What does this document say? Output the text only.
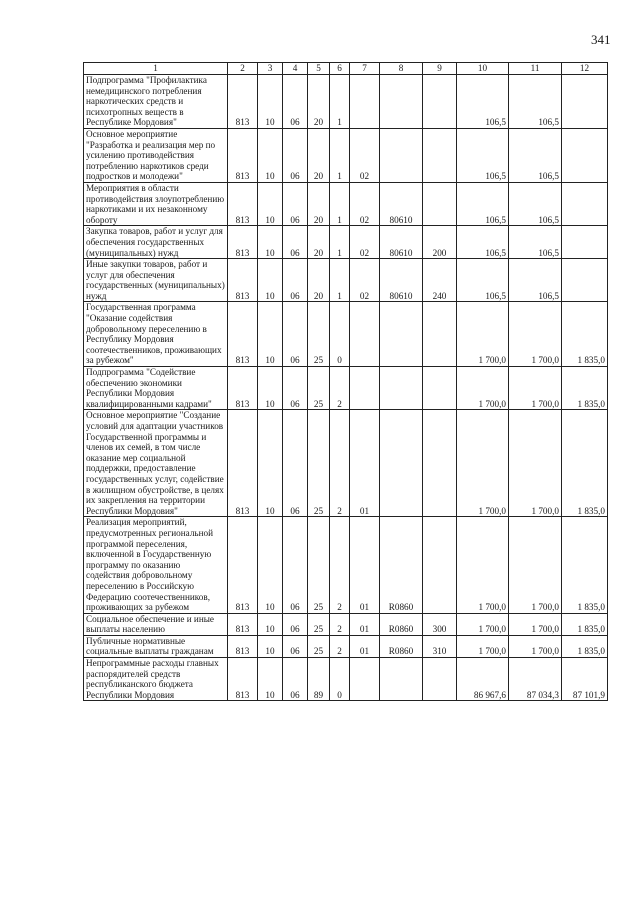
341
1	2	3	4	5	6	7	8	9	10	11	12
Подпрограмма "Профилактика немедицинского потребления наркотических средств и психотропных веществ в Республике Мордовия"	813	10	06	20	1				106,5	106,5	
Основное мероприятие "Разработка и реализация мер по усилению противодействия потреблению наркотиков среди подростков и молодежи"	813	10	06	20	1	02			106,5	106,5	
Мероприятия в области противодействия злоупотреблению наркотиками и их незаконному обороту	813	10	06	20	1	02	80610		106,5	106,5	
Закупка товаров, работ и услуг для обеспечения государственных (муниципальных) нужд	813	10	06	20	1	02	80610	200	106,5	106,5	
Иные закупки товаров, работ и услуг для обеспечения государственных (муниципальных) нужд	813	10	06	20	1	02	80610	240	106,5	106,5	
Государственная программа "Оказание содействия добровольному переселению в Республику Мордовия соотечественников, проживающих за рубежом"	813	10	06	25	0				1 700,0	1 700,0	1 835,0
Подпрограмма "Содействие обеспечению экономики Республики Мордовия квалифицированными кадрами"	813	10	06	25	2				1 700,0	1 700,0	1 835,0
Основное мероприятие "Создание условий для адаптации участников Государственной программы и членов их семей, в том числе оказание мер социальной поддержки, предоставление государственных услуг, содействие в жилищном обустройстве, в целях их закрепления на территории Республики Мордовия"	813	10	06	25	2	01			1 700,0	1 700,0	1 835,0
Реализация мероприятий, предусмотренных региональной программой переселения, включенной в Государственную программу по оказанию содействия добровольному переселению в Российскую Федерацию соотечественников, проживающих за рубежом	813	10	06	25	2	01	R0860		1 700,0	1 700,0	1 835,0
Социальное обеспечение и иные выплаты населению	813	10	06	25	2	01	R0860	300	1 700,0	1 700,0	1 835,0
Публичные нормативные социальные выплаты гражданам	813	10	06	25	2	01	R0860	310	1 700,0	1 700,0	1 835,0
Непрограммные расходы главных распорядителей средств республиканского бюджета Республики Мордовия	813	10	06	89	0				86 967,6	87 034,3	87 101,9
